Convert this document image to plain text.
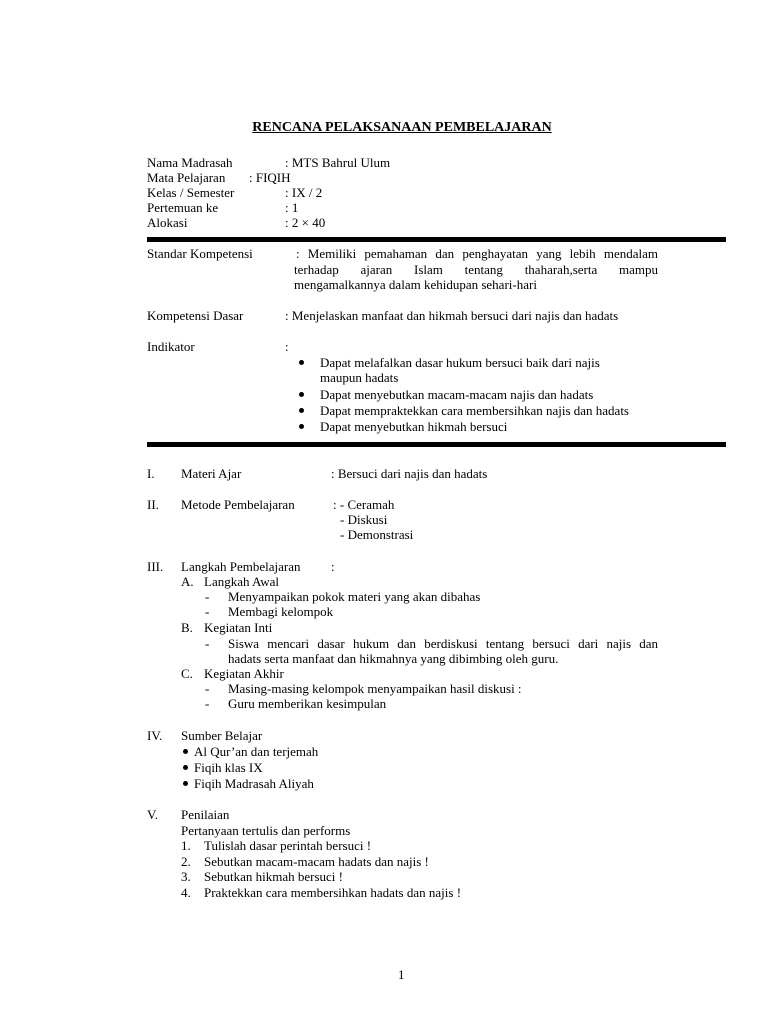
RENCANA PELAKSANAAN PEMBELAJARAN
Nama Madrasah	: MTS Bahrul Ulum
Mata Pelajaran : FIQIH
Kelas / Semester	: IX / 2
Pertemuan ke	: 1
Alokasi	: 2 × 40
Standar Kompetensi	: Memiliki pemahaman dan penghayatan yang lebih mendalam
terhadap ajaran Islam tentang thaharah,serta mampu
mengamalkannya dalam kehidupan sehari-hari
Kompetensi Dasar	: Menjelaskan manfaat dan hikmah bersuci dari najis dan hadats
Indikator	:
Dapat melafalkan dasar hukum bersuci baik dari najis
maupun hadats
Dapat menyebutkan macam-macam najis dan hadats
Dapat mempraktekkan cara membersihkan najis dan hadats
Dapat menyebutkan hikmah bersuci
I. Materi Ajar	: Bersuci dari najis dan hadats
II. Metode Pembelajaran	: - Ceramah
- Diskusi
- Demonstrasi
III. Langkah Pembelajaran :
A. Langkah Awal
- Menyampaikan pokok materi yang akan dibahas
- Membagi kelompok
B. Kegiatan Inti
- Siswa mencari dasar hukum dan berdiskusi tentang bersuci dari najis dan
hadats serta manfaat dan hikmahnya yang dibimbing oleh guru.
C. Kegiatan Akhir
- Masing-masing kelompok menyampaikan hasil diskusi :
- Guru memberikan kesimpulan
IV. Sumber Belajar
Al Qur’an dan terjemah
Fiqih klas IX
Fiqih Madrasah Aliyah
V. Penilaian
Pertanyaan tertulis dan performs
1. Tulislah dasar perintah bersuci !
2. Sebutkan macam-macam hadats dan najis !
3. Sebutkan hikmah bersuci !
4. Praktekkan cara membersihkan hadats dan najis !
1
